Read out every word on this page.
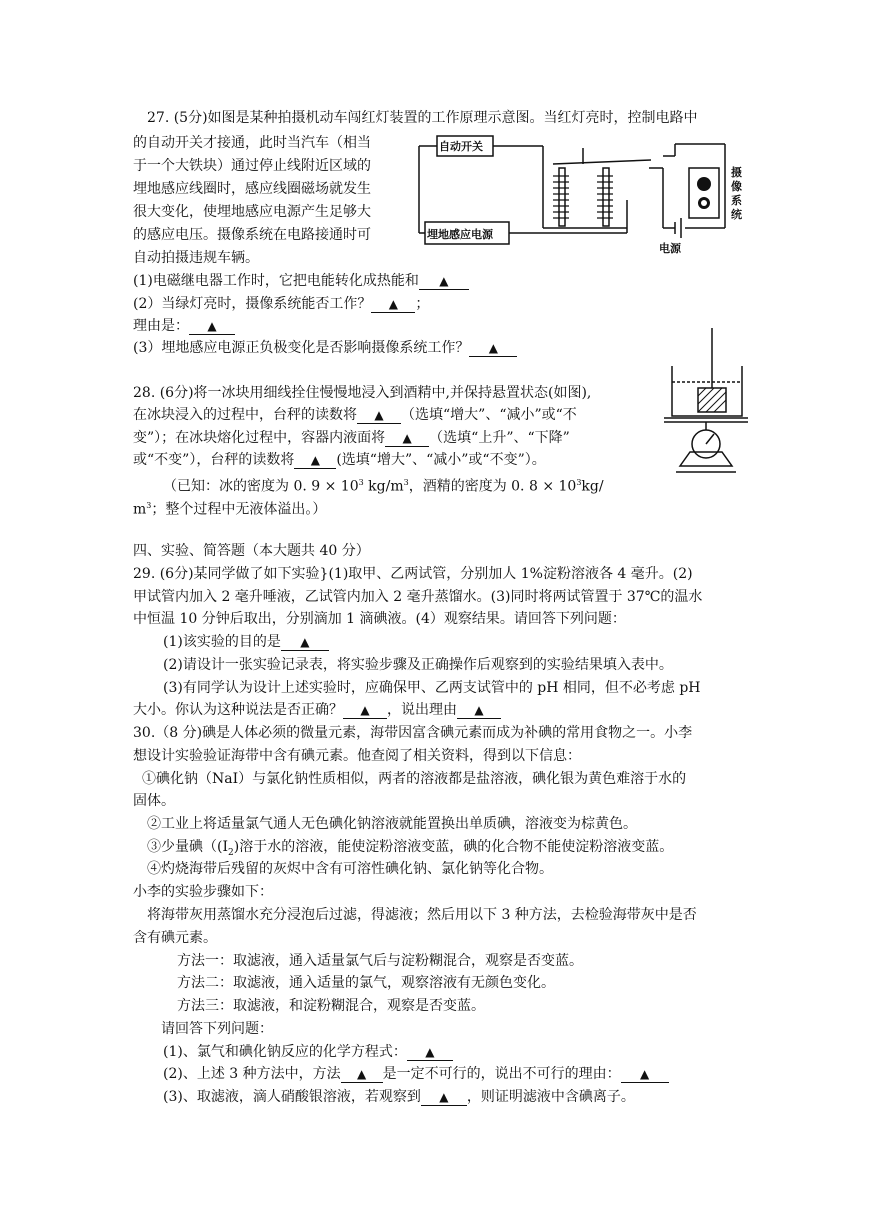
27. (5分)如图是某种拍摄机动车闯红灯装置的工作原理示意图。当红灯亮时，控制电路中
的自动开关才接通，此时当汽车（相当
于一个大铁块）通过停止线附近区域的
埋地感应线圈时，感应线圈磁场就发生
很大变化，使埋地感应电源产生足够大
的感应电压。摄像系统在电路接通时可
自动拍摄违规车辆。
(1)电磁继电器工作时，它把电能转化成热能和 ▲
(2）当绿灯亮时，摄像系统能否工作？ ▲ ；
理由是： ▲
(3）埋地感应电源正负极变化是否影响摄像系统工作？ ▲
自动开关
埋地感应电源
电源
摄像系统
28. (6分)将一冰块用细线拴住慢慢地浸入到酒精中,并保持悬置状态(如图),
在冰块浸入的过程中，台秤的读数将 ▲ （选填“增大”、“减小”或“不
变”）；在冰块熔化过程中，容器内液面将 ▲ （选填“上升”、“下降”
或“不变”），台秤的读数将 ▲ (选填“增大”、“减小”或“不变”）。
（已知：冰的密度为 0. $9 \times 10^3$ $kg/m^3$，酒精的密度为 0. $8 \times 10^3kg/$
$m^3$；整个过程中无液体溢出。）
四、实验、简答题（本大题共 40 分）
29. (6分)某同学做了如下实验}(1)取甲、乙两试管，分别加人 1%淀粉溶液各 4 毫升。(2)
甲试管内加入 2 毫升唾液，乙试管内加入 2 毫升蒸馏水。(3)同时将两试管置于 37℃的温水
中恒温 10 分钟后取出，分别滴加 1 滴碘液。(4）观察结果。请回答下列问题：
(1)该实验的目的是 ▲
(2)请设计一张实验记录表，将实验步骤及正确操作后观察到的实验结果填入表中。
(3)有同学认为设计上述实验时，应确保甲、乙两支试管中的 pH 相同，但不必考虑 pH
大小。你认为这种说法是否正确？ ▲ ，说出理由 ▲
30.（8 分)碘是人体必须的微量元素，海带因富含碘元素而成为补碘的常用食物之一。小李
想设计实验验证海带中含有碘元素。他查阅了相关资料，得到以下信息：
①碘化钠（NaI）与氯化钠性质相似，两者的溶液都是盐溶液，碘化银为黄色难溶于水的
固体。
②工业上将适量氯气通人无色碘化钠溶液就能置换出单质碘，溶液变为棕黄色。
③少量碘（$(I_2)$溶于水的溶液，能使淀粉溶液变蓝，碘的化合物不能使淀粉溶液变蓝。
④灼烧海带后残留的灰烬中含有可溶性碘化钠、氯化钠等化合物。
小李的实验步骤如下：
将海带灰用蒸馏水充分浸泡后过滤，得滤液；然后用以下 3 种方法，去检验海带灰中是否
含有碘元素。
方法一：取滤液，通入适量氯气后与淀粉糊混合，观察是否变蓝。
方法二：取滤液，通入适量的氯气，观察溶液有无颜色变化。
方法三：取滤液，和淀粉糊混合，观察是否变蓝。
请回答下列问题：
(1)、氯气和碘化钠反应的化学方程式： ▲
(2)、上述 3 种方法中，方法 ▲ 是一定不可行的，说出不可行的理由： ▲
(3)、取滤液，滴人硝酸银溶液，若观察到 ▲ ，则证明滤液中含碘离子。
